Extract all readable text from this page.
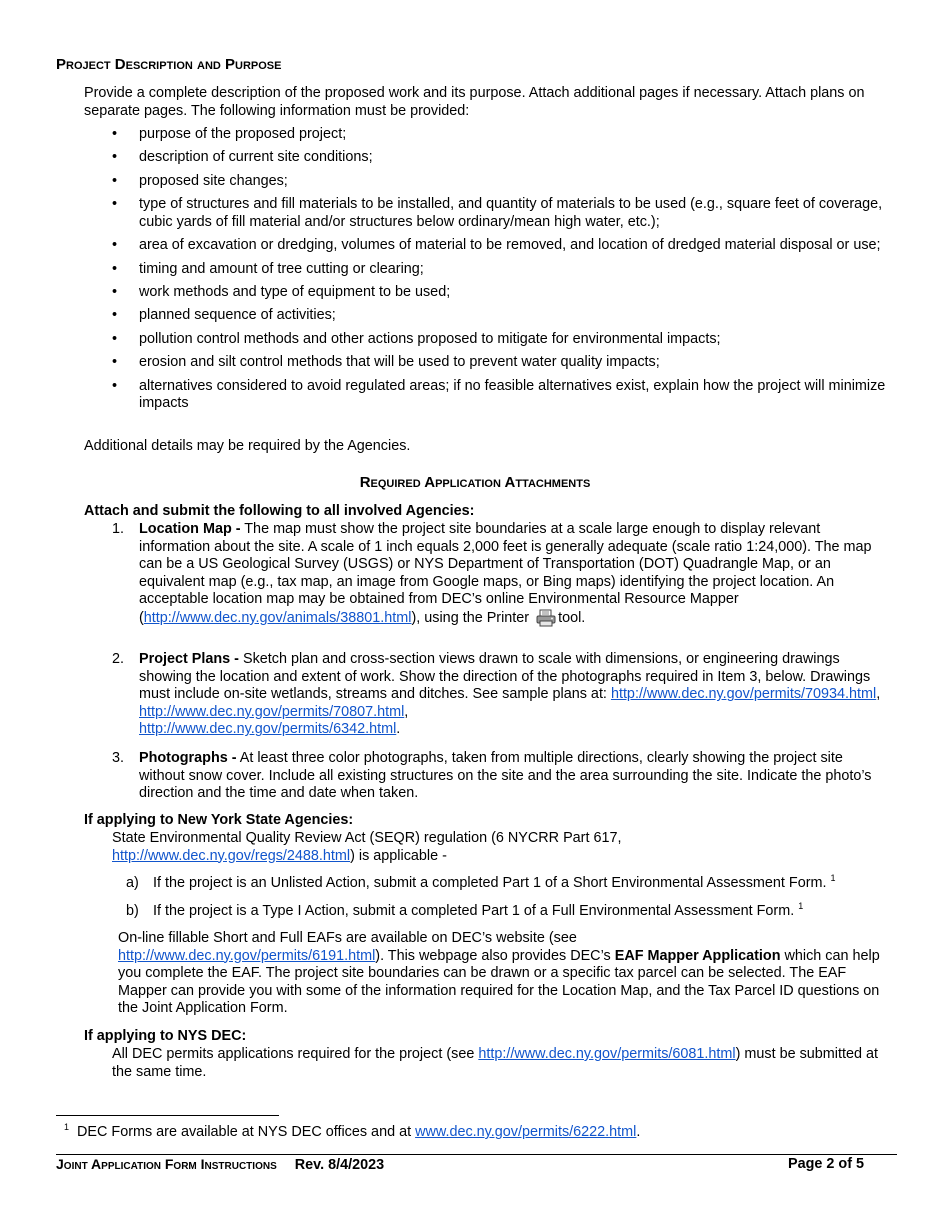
Project Description and Purpose
Provide a complete description of the proposed work and its purpose. Attach additional pages if necessary. Attach plans on separate pages. The following information must be provided:
• purpose of the proposed project;
• description of current site conditions;
• proposed site changes;
• type of structures and fill materials to be installed, and quantity of materials to be used (e.g., square feet of coverage, cubic yards of fill material and/or structures below ordinary/mean high water, etc.);
• area of excavation or dredging, volumes of material to be removed, and location of dredged material disposal or use;
• timing and amount of tree cutting or clearing;
• work methods and type of equipment to be used;
• planned sequence of activities;
• pollution control methods and other actions proposed to mitigate for environmental impacts;
• erosion and silt control methods that will be used to prevent water quality impacts;
• alternatives considered to avoid regulated areas; if no feasible alternatives exist, explain how the project will minimize impacts
Additional details may be required by the Agencies.
Required Application Attachments
Attach and submit the following to all involved Agencies:
1. Location Map - The map must show the project site boundaries at a scale large enough to display relevant information about the site. A scale of 1 inch equals 2,000 feet is generally adequate (scale ratio 1:24,000). The map can be a US Geological Survey (USGS) or NYS Department of Transportation (DOT) Quadrangle Map, or an equivalent map (e.g., tax map, an image from Google maps, or Bing maps) identifying the project location. An acceptable location map may be obtained from DEC’s online Environmental Resource Mapper (http://www.dec.ny.gov/animals/38801.html), using the Printer tool.
2. Project Plans - Sketch plan and cross-section views drawn to scale with dimensions, or engineering drawings showing the location and extent of work. Show the direction of the photographs required in Item 3, below. Drawings must include on-site wetlands, streams and ditches. See sample plans at: http://www.dec.ny.gov/permits/70934.html, http://www.dec.ny.gov/permits/70807.html,
http://www.dec.ny.gov/permits/6342.html.
3. Photographs - At least three color photographs, taken from multiple directions, clearly showing the project site without snow cover. Include all existing structures on the site and the area surrounding the site. Indicate the photo’s direction and the time and date when taken.
If applying to New York State Agencies:
State Environmental Quality Review Act (SEQR) regulation (6 NYCRR Part 617,
http://www.dec.ny.gov/regs/2488.html) is applicable -
a) If the project is an Unlisted Action, submit a completed Part 1 of a Short Environmental Assessment Form. $^1$
b) If the project is a Type I Action, submit a completed Part 1 of a Full Environmental Assessment Form. $^1$
On-line fillable Short and Full EAFs are available on DEC’s website (see
http://www.dec.ny.gov/permits/6191.html). This webpage also provides DEC’s EAF Mapper Application which can help you complete the EAF. The project site boundaries can be drawn or a specific tax parcel can be selected. The EAF Mapper can provide you with some of the information required for the Location Map, and the Tax Parcel ID questions on the Joint Application Form.
If applying to NYS DEC:
All DEC permits applications required for the project (see http://www.dec.ny.gov/permits/6081.html) must be submitted at the same time.
$^1$ DEC Forms are available at NYS DEC offices and at www.dec.ny.gov/permits/6222.html.
Joint Application Form Instructions Rev. 8/4/2023	Page 2 of 5
